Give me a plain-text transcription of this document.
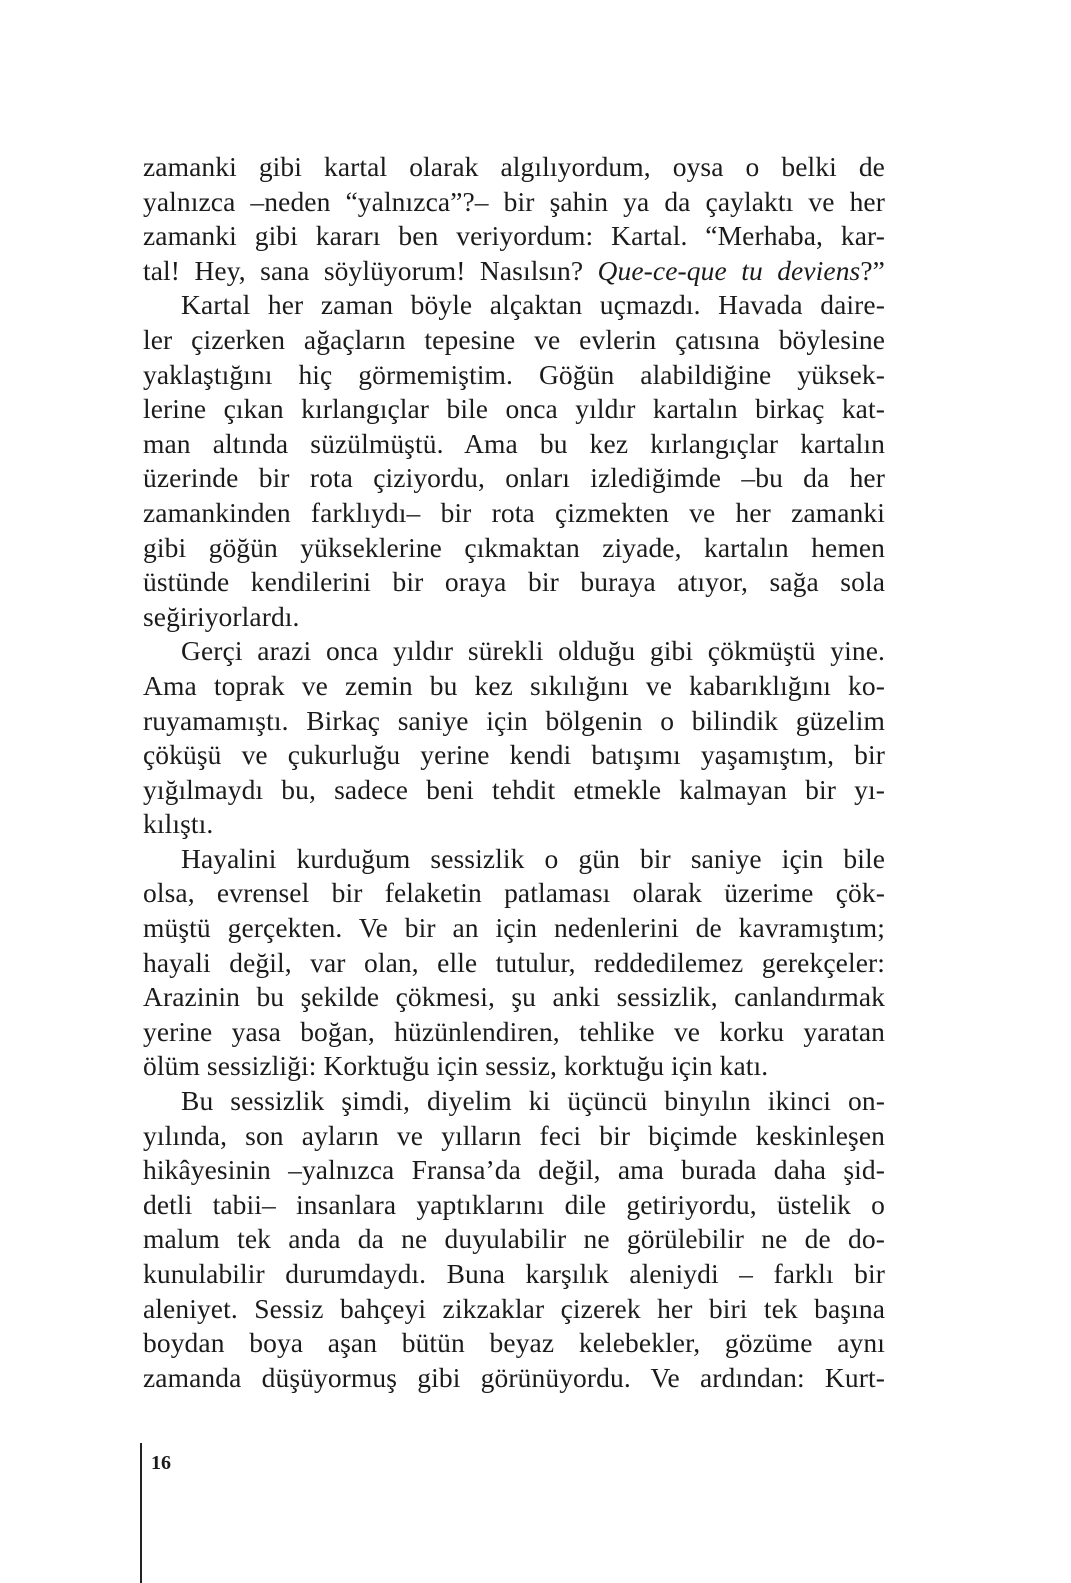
zamanki gibi kartal olarak algılıyordum, oysa o belki de
yalnızca –neden “yalnızca”?– bir şahin ya da çaylaktı ve her
zamanki gibi kararı ben veriyordum: Kartal. “Merhaba, kar-
tal! Hey, sana söylüyorum! Nasılsın? Que-ce-que tu deviens?”
Kartal her zaman böyle alçaktan uçmazdı. Havada daire-
ler çizerken ağaçların tepesine ve evlerin çatısına böylesine
yaklaştığını hiç görmemiştim. Göğün alabildiğine yüksek-
lerine çıkan kırlangıçlar bile onca yıldır kartalın birkaç kat-
man altında süzülmüştü. Ama bu kez kırlangıçlar kartalın
üzerinde bir rota çiziyordu, onları izlediğimde –bu da her
zamankinden farklıydı– bir rota çizmekten ve her zamanki
gibi göğün yükseklerine çıkmaktan ziyade, kartalın hemen
üstünde kendilerini bir oraya bir buraya atıyor, sağa sola
seğiriyorlardı.
Gerçi arazi onca yıldır sürekli olduğu gibi çökmüştü yine.
Ama toprak ve zemin bu kez sıkılığını ve kabarıklığını ko-
ruyamamıştı. Birkaç saniye için bölgenin o bilindik güzelim
çöküşü ve çukurluğu yerine kendi batışımı yaşamıştım, bir
yığılmaydı bu, sadece beni tehdit etmekle kalmayan bir yı-
kılıştı.
Hayalini kurduğum sessizlik o gün bir saniye için bile
olsa, evrensel bir felaketin patlaması olarak üzerime çök-
müştü gerçekten. Ve bir an için nedenlerini de kavramıştım;
hayali değil, var olan, elle tutulur, reddedilemez gerekçeler:
Arazinin bu şekilde çökmesi, şu anki sessizlik, canlandırmak
yerine yasa boğan, hüzünlendiren, tehlike ve korku yaratan
ölüm sessizliği: Korktuğu için sessiz, korktuğu için katı.
Bu sessizlik şimdi, diyelim ki üçüncü binyılın ikinci on-
yılında, son ayların ve yılların feci bir biçimde keskinleşen
hikâyesinin –yalnızca Fransa’da değil, ama burada daha şid-
detli tabii– insanlara yaptıklarını dile getiriyordu, üstelik o
malum tek anda da ne duyulabilir ne görülebilir ne de do-
kunulabilir durumdaydı. Buna karşılık aleniydi – farklı bir
aleniyet. Sessiz bahçeyi zikzaklar çizerek her biri tek başına
boydan boya aşan bütün beyaz kelebekler, gözüme aynı
zamanda düşüyormuş gibi görünüyordu. Ve ardından: Kurt-
16
